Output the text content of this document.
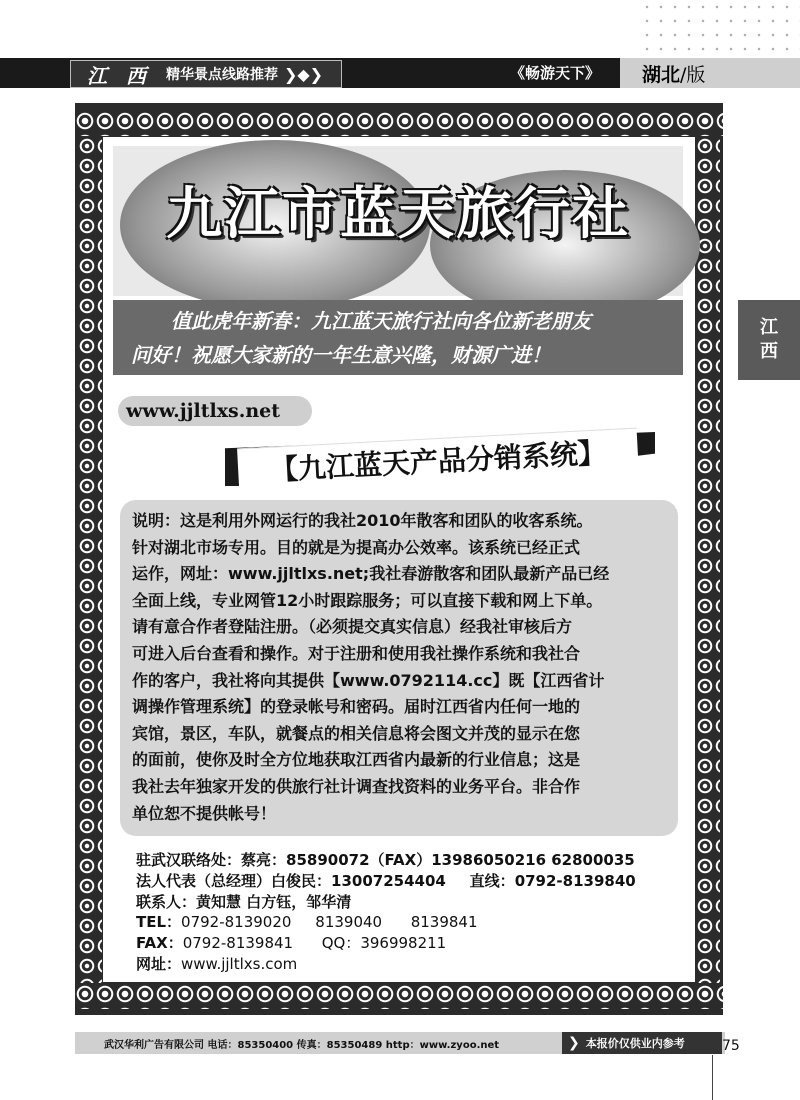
江 西 精华景点线路推荐 ❯◆❯	《畅游天下》 湖北 /版
江
西
九江市蓝天旅行社
值此虎年新春：九江蓝天旅行社向各位新老朋友
问好！祝愿大家新的一年生意兴隆，财源广进！
www.jjltlxs.net
【九江蓝天产品分销系统】

说明：这是利用外网运行的我社2010年散客和团队的收客系统。

针对湖北市场专用。目的就是为提高办公效率。该系统已经正式

运作，网址：www.jjltlxs.net;我社春游散客和团队最新产品已经

全面上线，专业网管12小时跟踪服务；可以直接下载和网上下单。

请有意合作者登陆注册。（必须提交真实信息）经我社审核后方

可进入后台查看和操作。对于注册和使用我社操作系统和我社合

作的客户，我社将向其提供【www.0792114.cc】既【江西省计

调操作管理系统】的登录帐号和密码。届时江西省内任何一地的

宾馆，景区，车队，就餐点的相关信息将会图文并茂的显示在您

的面前，使你及时全方位地获取江西省内最新的行业信息；这是

我社去年独家开发的供旅行社计调查找资料的业务平台。非合作

单位恕不提供帐号！

驻武汉联络处：蔡亮：85890072（FAX）13986050216 62800035
法人代表（总经理）白俊民：13007254404 直线：0792-8139840
联系人：黄知慧 白方钰，邹华清
TEL：0792-8139020     8139040      8139841
FAX：0792-8139841      QQ：396998211
网址：www.jjltlxs.com
武汉华利广告有限公司 电话：85350400 传真：85350489 http：www.zyoo.net	❯ 本报价仅供业内参考	75
